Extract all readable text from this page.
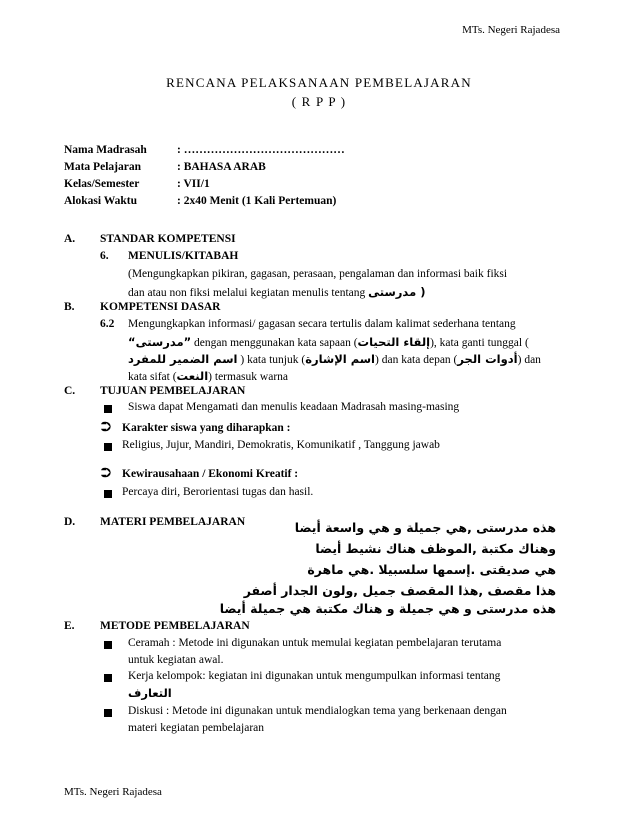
MTs. Negeri Rajadesa
RENCANA PELAKSANAAN PEMBELAJARAN
( R P P )
Nama Madrasah	: ……………………………………
Mata Pelajaran	: BAHASA ARAB
Kelas/Semester	: VII/1
Alokasi Waktu	: 2x40 Menit (1 Kali Pertemuan)
A.	STANDAR KOMPETENSI
6. MENULIS/KITABAH
(Mengungkapkan pikiran, gagasan, perasaan, pengalaman dan informasi baik fiksi
dan atau non fiksi melalui kegiatan menulis tentang ( مدرستى
B.	KOMPETENSI DASAR
6.2 Mengungkapkan informasi/ gagasan secara tertulis dalam kalimat sederhana tentang
“مدرستى” dengan menggunakan kata sapaan (إلقاء التحيات), kata ganti tunggal (
اسم الضمير للمفرد ) kata tunjuk (اسم الإشارة) dan kata depan (أدوات الجر) dan
kata sifat (النعت) termasuk warna
C.	TUJUAN PEMBELAJARAN
Siswa dapat Mengamati dan menulis keadaan Madrasah masing-masing
⮊ Karakter siswa yang diharapkan :
Religius, Jujur, Mandiri, Demokratis, Komunikatif , Tanggung jawab
⮊ Kewirausahaan / Ekonomi Kreatif :
Percaya diri, Berorientasi tugas dan hasil.
D.	MATERI PEMBELAJARAN	هذه مدرستى ,هي جميلة و هي واسعة أيضا
وهناك مكتبة ,الموظف هناك نشيط أيضا
هي صديقتى .إسمها سلسبيلا .هي ماهرة
هذا مقصف ,هذا المقصف جميل ,ولون الجدار أصفر
هذه مدرستى و هي جميلة و هناك مكتبة هي جميلة أيضا
E.	METODE PEMBELAJARAN
Ceramah : Metode ini digunakan untuk memulai kegiatan pembelajaran terutama
untuk kegiatan awal.
Kerja kelompok: kegiatan ini digunakan untuk mengumpulkan informasi tentang
التعارف
Diskusi : Metode ini digunakan untuk mendialogkan tema yang berkenaan dengan
materi kegiatan pembelajaran
MTs. Negeri Rajadesa
